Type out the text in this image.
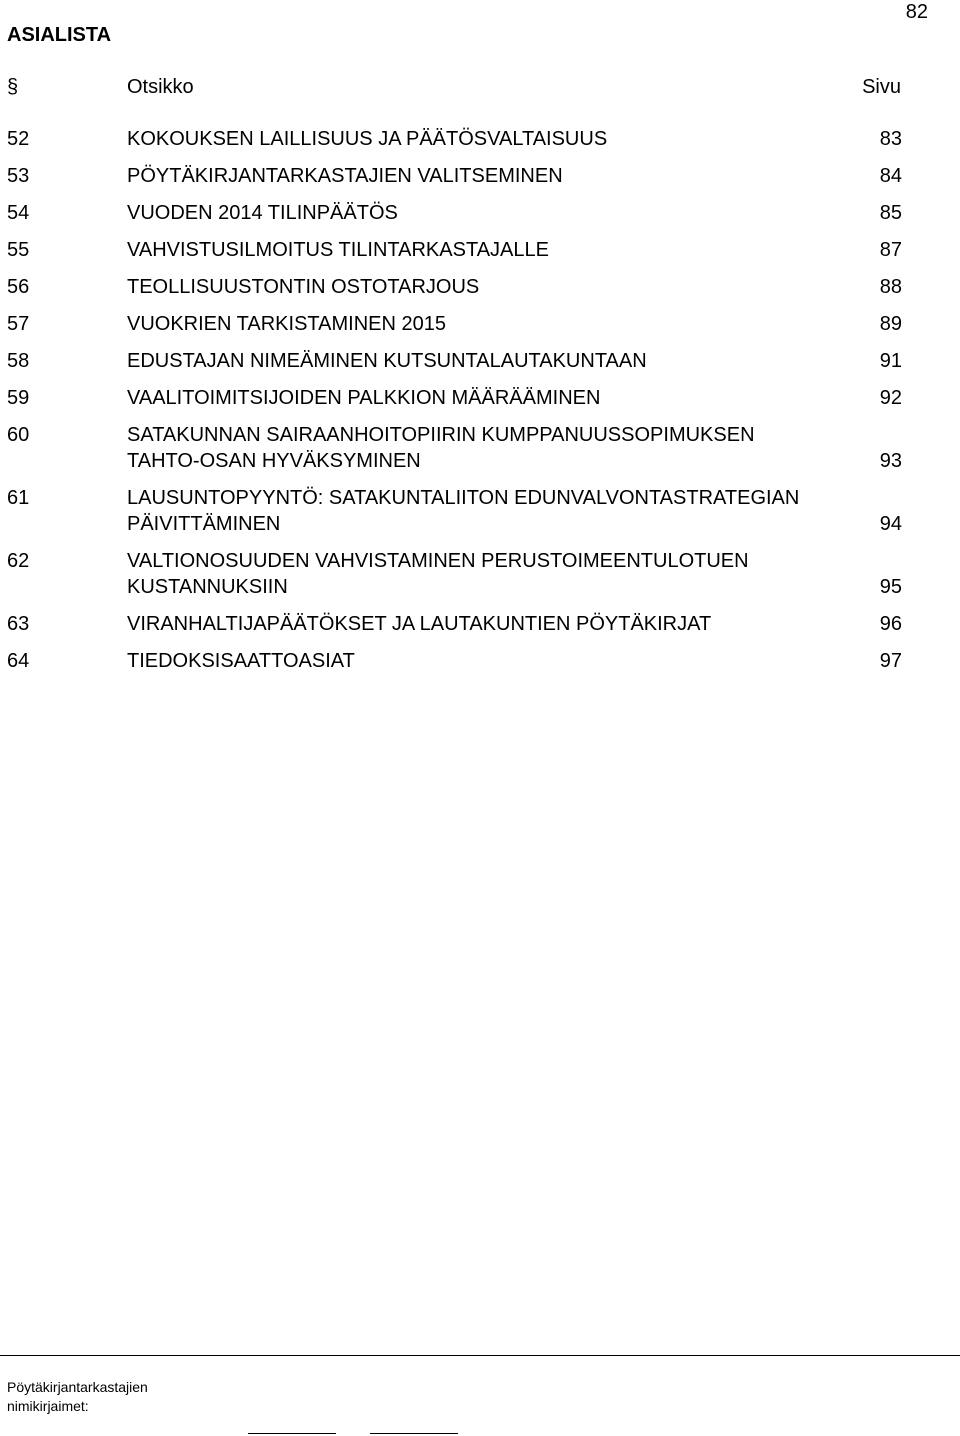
82
ASIALISTA
§	Otsikko	Sivu
52	KOKOUKSEN LAILLISUUS JA PÄÄTÖSVALTAISUUS	83
53	PÖYTÄKIRJANTARKASTAJIEN VALITSEMINEN	84
54	VUODEN 2014 TILINPÄÄTÖS	85
55	VAHVISTUSILMOITUS TILINTARKASTAJALLE	87
56	TEOLLISUUSTONTIN OSTOTARJOUS	88
57	VUOKRIEN TARKISTAMINEN 2015	89
58	EDUSTAJAN NIMEÄMINEN KUTSUNTALAUTAKUNTAAN	91
59	VAALITOIMITSIJOIDEN PALKKION MÄÄRÄÄMINEN	92
60	SATAKUNNAN SAIRAANHOITOPIIRIN KUMPPANUUSSOPIMUKSEN
TAHTO-OSAN HYVÄKSYMINEN	93
61	LAUSUNTOPYYNTÖ: SATAKUNTALIITON EDUNVALVONTASTRATEGIAN
PÄIVITTÄMINEN	94
62	VALTIONOSUUDEN VAHVISTAMINEN PERUSTOIMEENTULOTUEN
KUSTANNUKSIIN	95
63	VIRANHALTIJAPÄÄTÖKSET JA LAUTAKUNTIEN PÖYTÄKIRJAT	96
64	TIEDOKSISAATTOASIAT	97
Pöytäkirjantarkastajien
nimikirjaimet:
